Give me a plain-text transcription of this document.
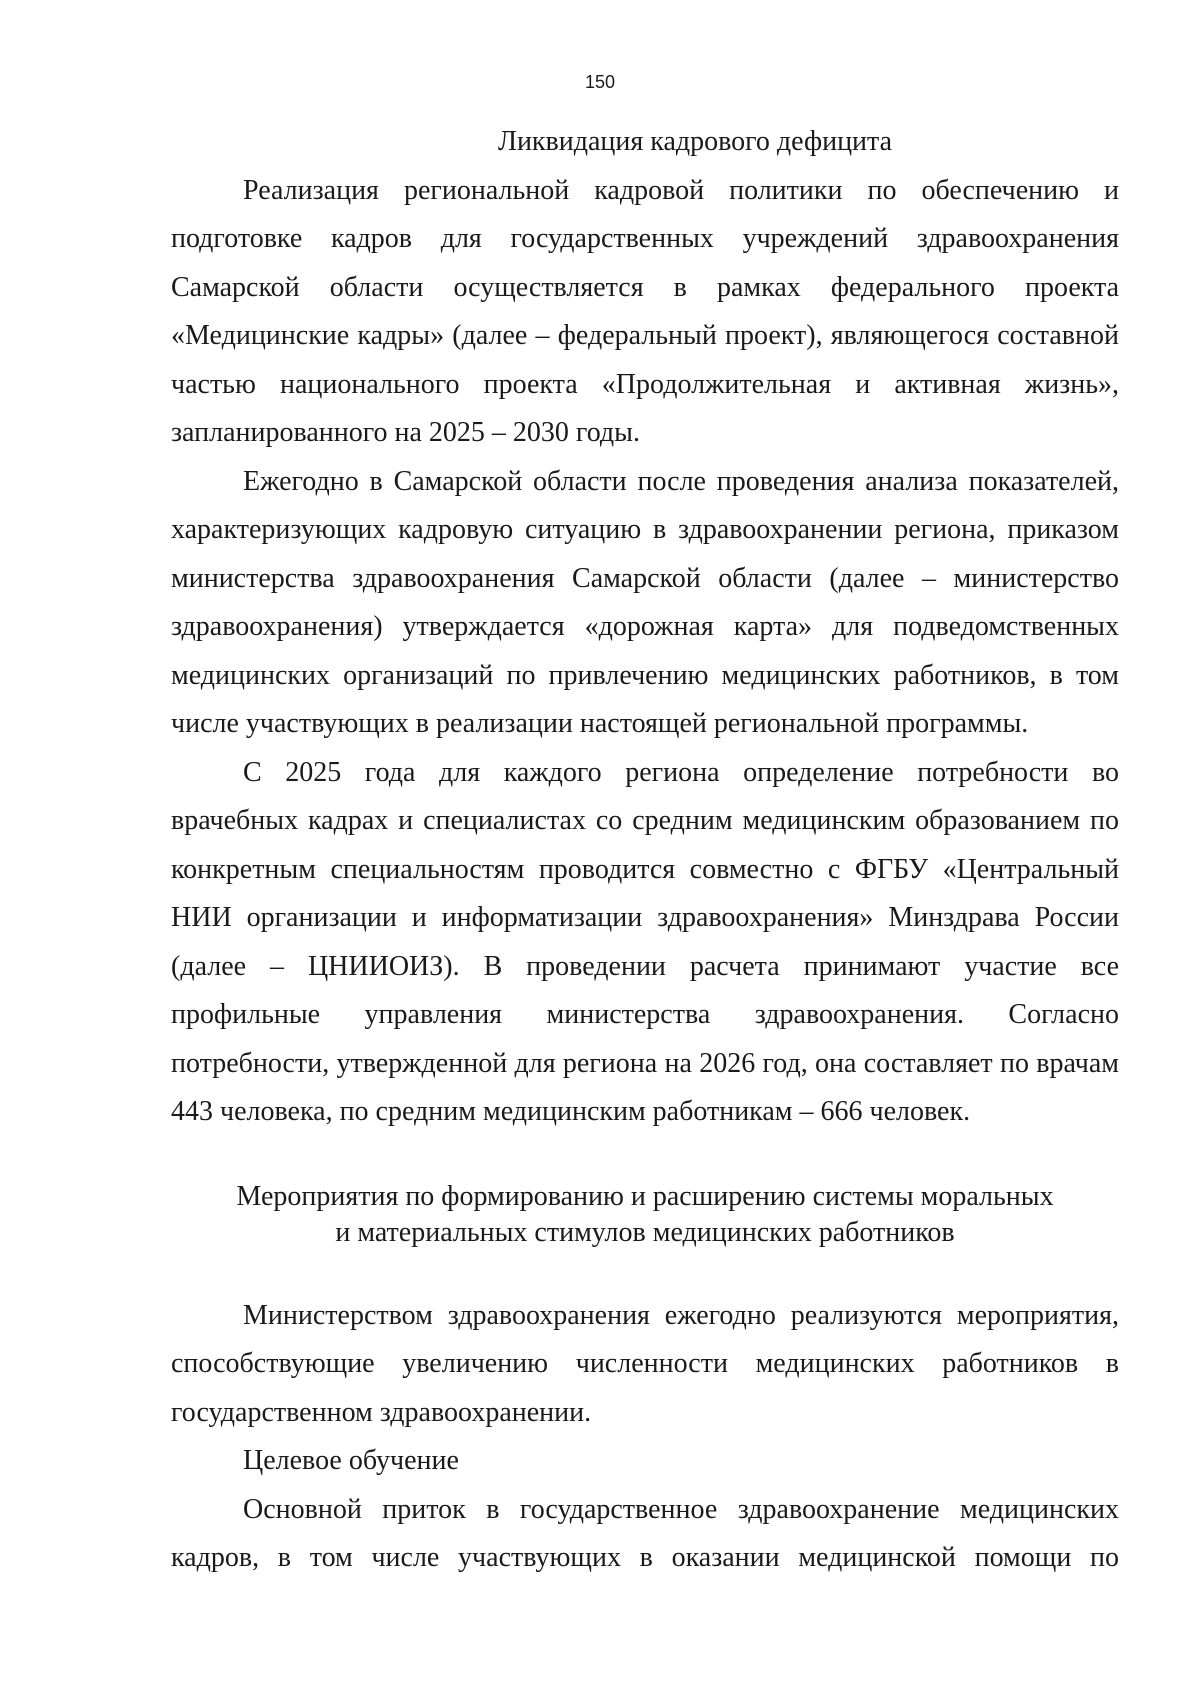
150
Ликвидация кадрового дефицита

Реализация региональной кадровой политики по обеспечению и подготовке кадров для государственных учреждений здравоохранения Самарской области осуществляется в рамках федерального проекта «Медицинские кадры» (далее – федеральный проект), являющегося составной частью национального проекта «Продолжительная и активная жизнь», запланированного на 2025 – 2030 годы.

Ежегодно в Самарской области после проведения анализа показателей, характеризующих кадровую ситуацию в здравоохранении региона, приказом министерства здравоохранения Самарской области (далее – министерство здравоохранения) утверждается «дорожная карта» для подведомственных медицинских организаций по привлечению медицинских работников, в том числе участвующих в реализации настоящей региональной программы.

С 2025 года для каждого региона определение потребности во врачебных кадрах и специалистах со средним медицинским образованием по конкретным специальностям проводится совместно с ФГБУ «Центральный НИИ организации и информатизации здравоохранения» Минздрава России (далее – ЦНИИОИЗ). В проведении расчета принимают участие все профильные управления министерства здравоохранения. Согласно потребности, утвержденной для региона на 2026 год, она составляет по врачам 443 человека, по средним медицинским работникам – 666 человек.

Мероприятия по формированию и расширению системы моральных
и материальных стимулов медицинских работников

Министерством здравоохранения ежегодно реализуются мероприятия, способствующие увеличению численности медицинских работников в государственном здравоохранении.

Целевое обучение

Основной приток в государственное здравоохранение медицинских кадров, в том числе участвующих в оказании медицинской помощи по
